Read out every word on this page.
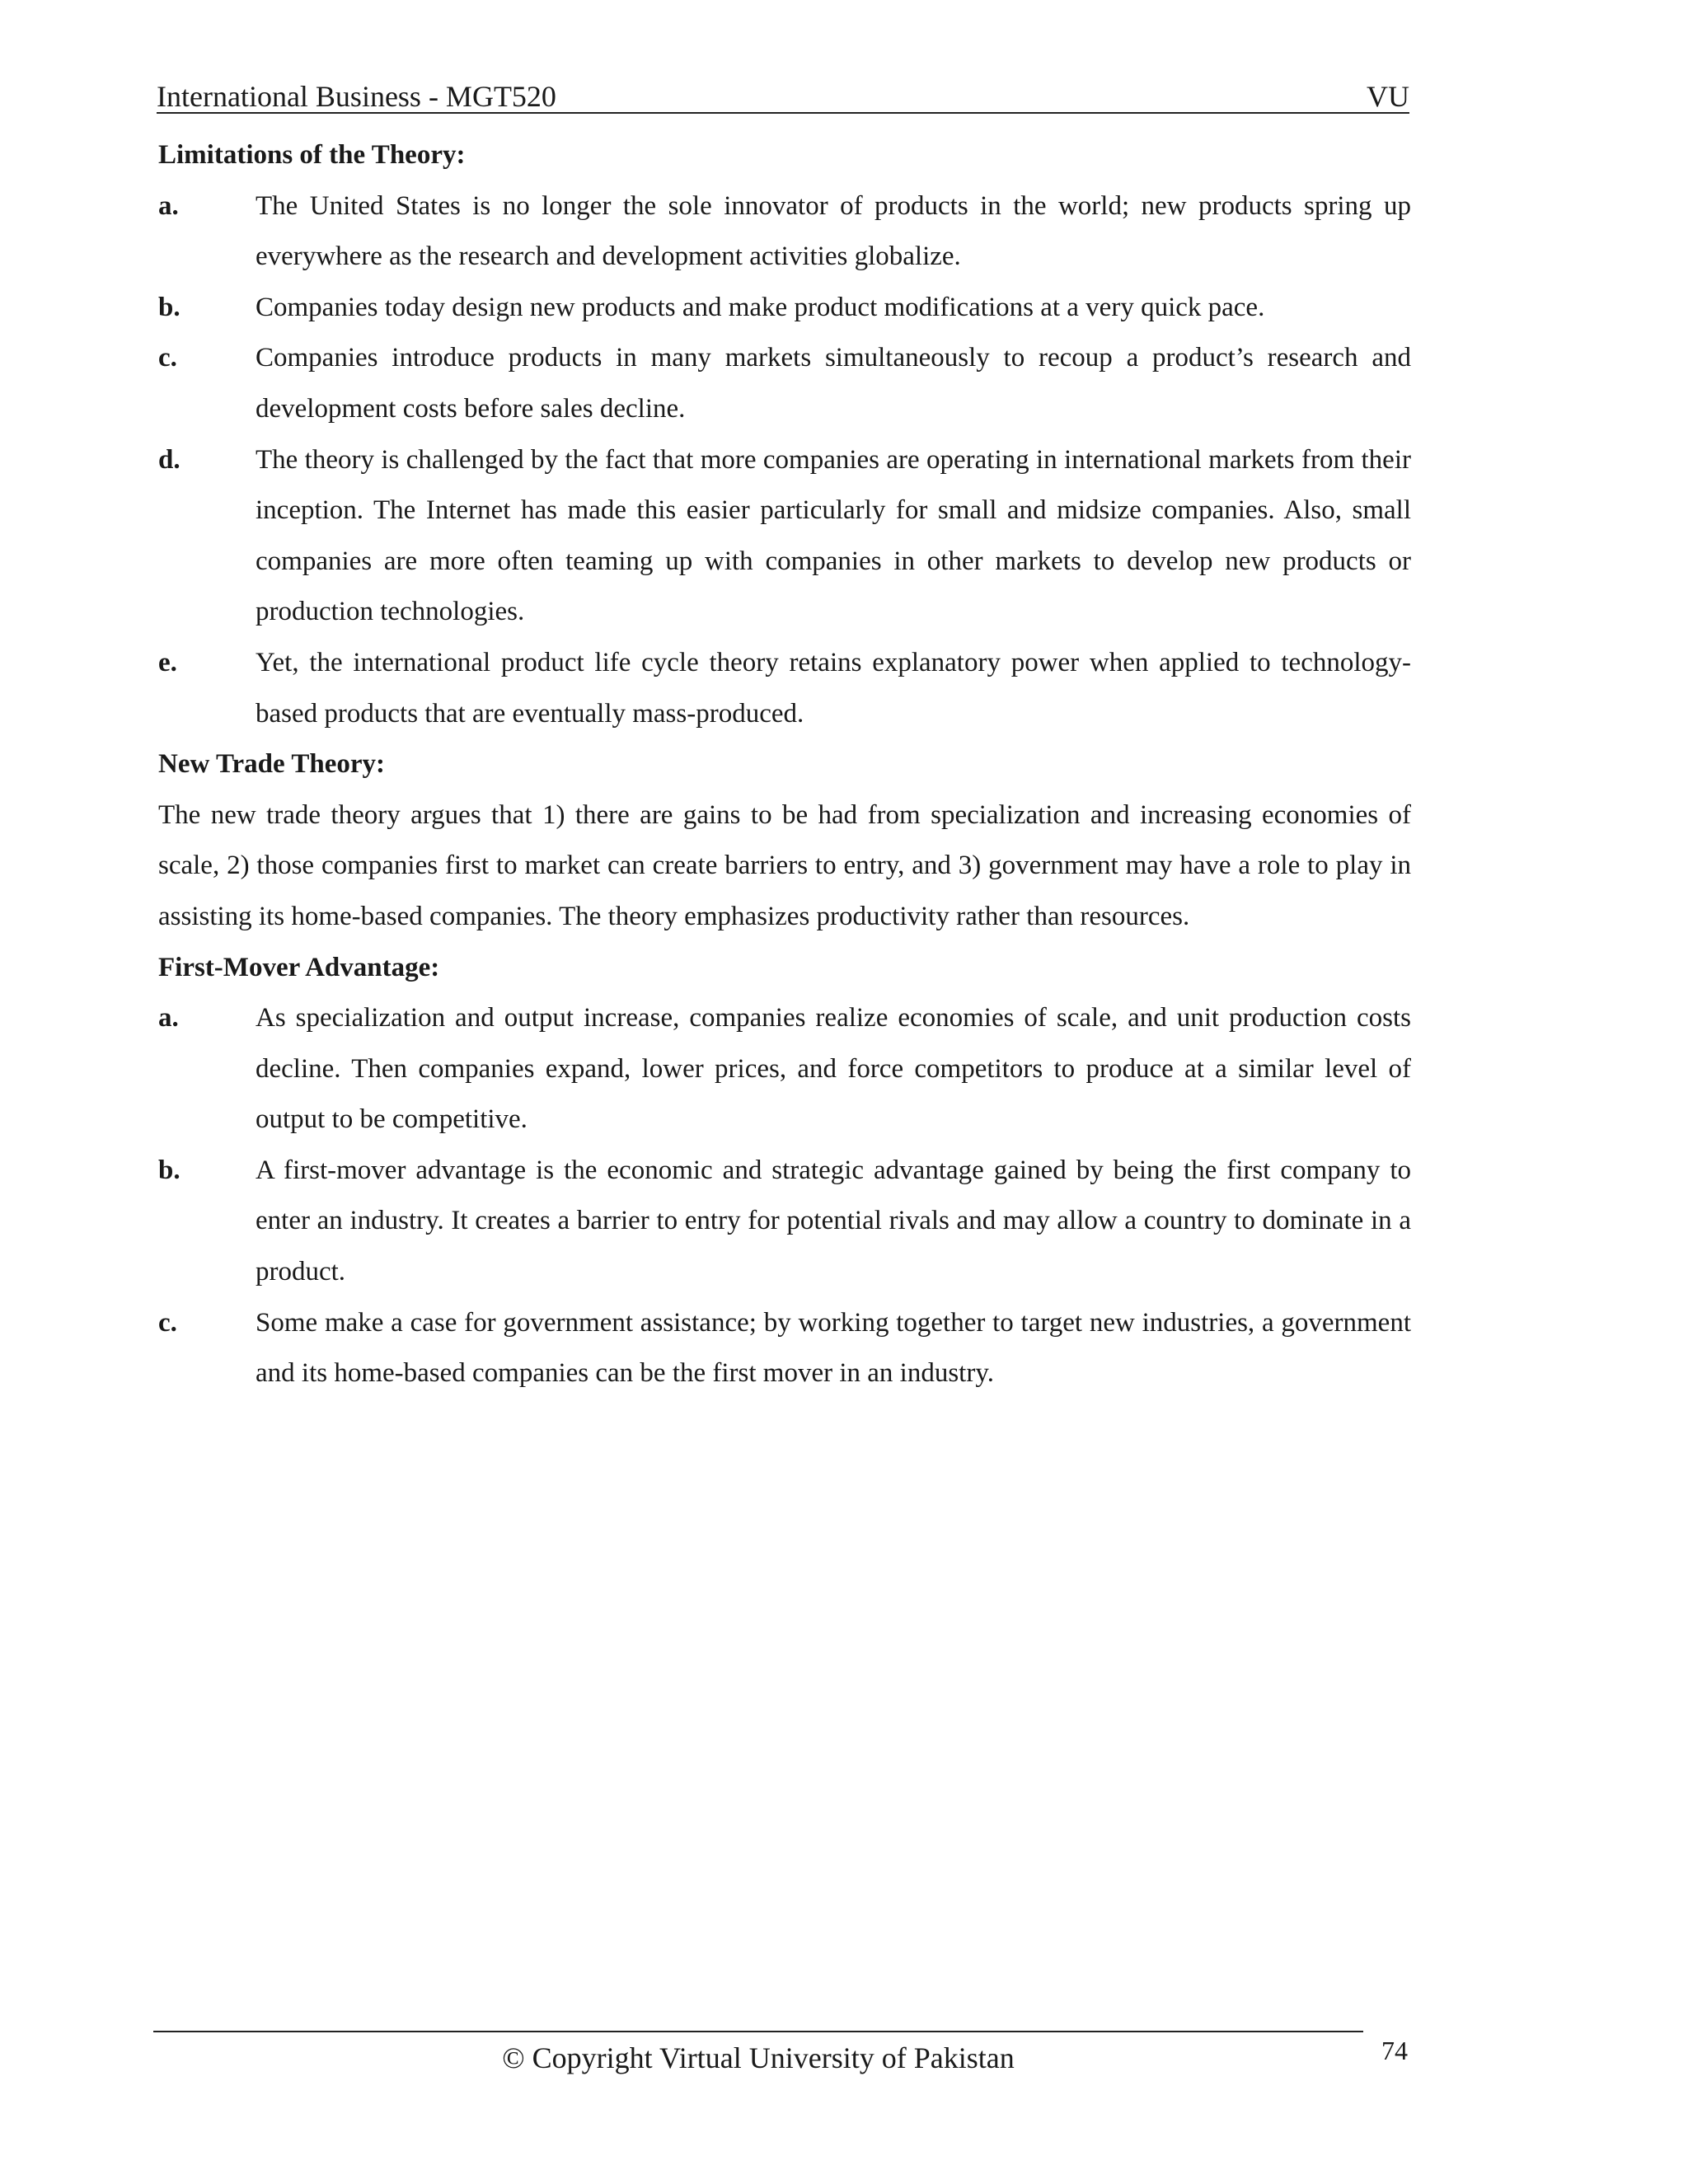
International Business - MGT520	VU
Limitations of the Theory:
a.	The United States is no longer the sole innovator of products in the world; new products spring up everywhere as the research and development activities globalize.
b.	Companies today design new products and make product modifications at a very quick pace.
c.	Companies introduce products in many markets simultaneously to recoup a product’s research and development costs before sales decline.
d.	The theory is challenged by the fact that more companies are operating in international markets from their inception. The Internet has made this easier particularly for small and midsize companies. Also, small companies are more often teaming up with companies in other markets to develop new products or production technologies.
e.	Yet, the international product life cycle theory retains explanatory power when applied to technology-based products that are eventually mass-produced.
New Trade Theory:

The new trade theory argues that 1) there are gains to be had from specialization and increasing economies of scale, 2) those companies first to market can create barriers to entry, and 3) government may have a role to play in assisting its home-based companies. The theory emphasizes productivity rather than resources.

First-Mover Advantage:
a.	As specialization and output increase, companies realize economies of scale, and unit production costs decline. Then companies expand, lower prices, and force competitors to produce at a similar level of output to be competitive.
b.	A first-mover advantage is the economic and strategic advantage gained by being the first company to enter an industry. It creates a barrier to entry for potential rivals and may allow a country to dominate in a product.
c.	Some make a case for government assistance; by working together to target new industries, a government and its home-based companies can be the first mover in an industry.
© Copyright Virtual University of Pakistan	74
